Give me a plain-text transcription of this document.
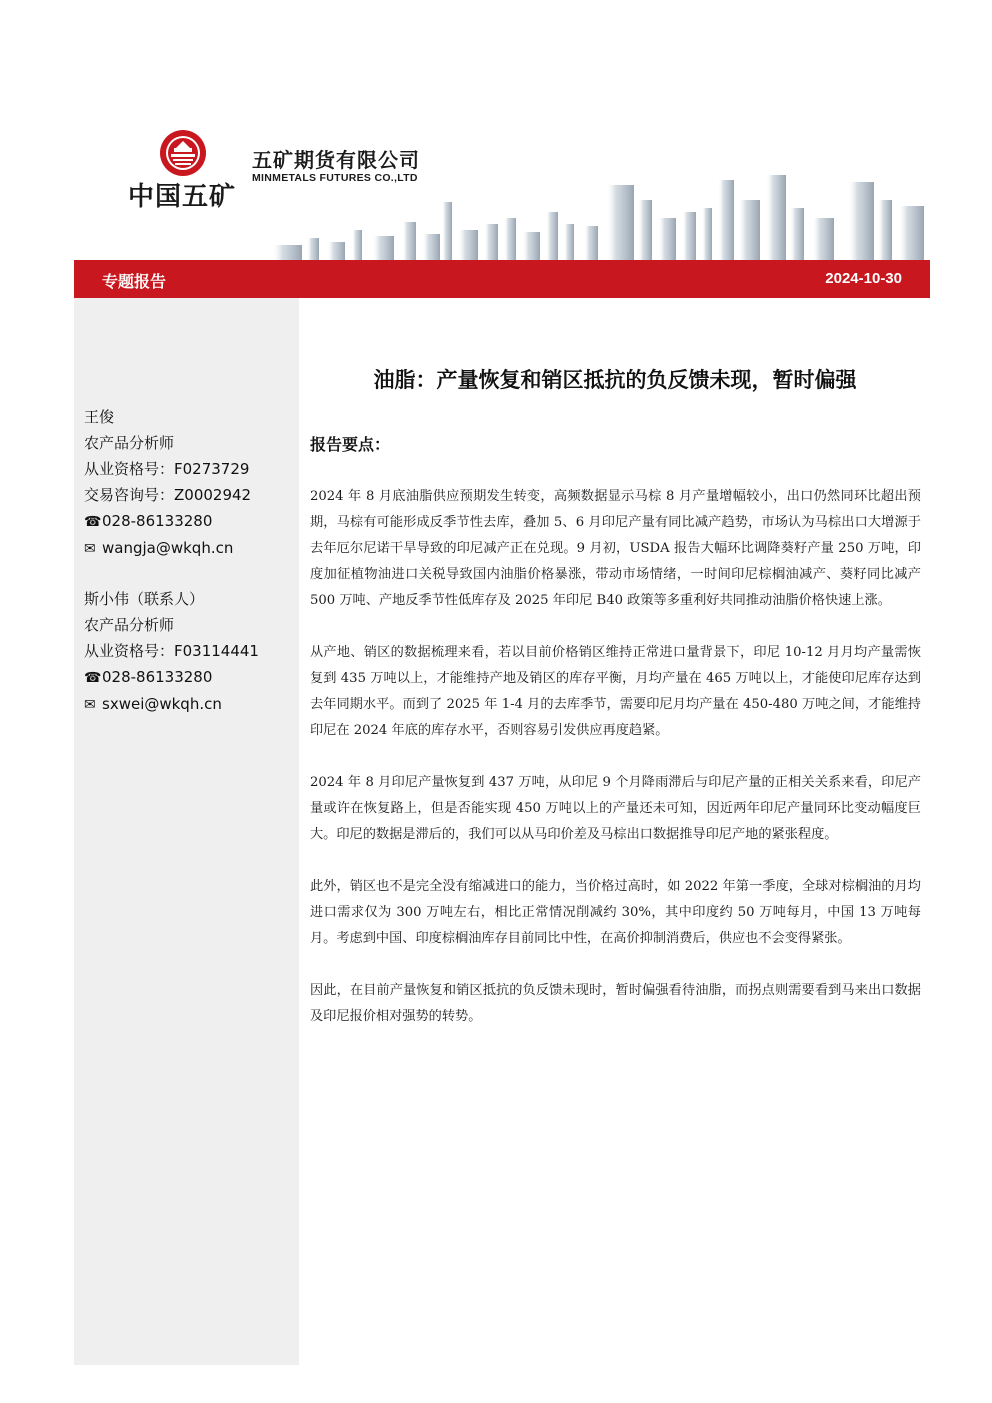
中国五矿
五矿期货有限公司
MINMETALS FUTURES CO.,LTD
专题报告	2024-10-30
王俊
农产品分析师
从业资格号：F0273729
交易咨询号：Z0002942
☎028-86133280
✉ wangja@wkqh.cn
斯小伟（联系人）
农产品分析师
从业资格号：F03114441
☎028-86133280
✉ sxwei@wkqh.cn
油脂：产量恢复和销区抵抗的负反馈未现，暂时偏强
报告要点：

2024 年 8 月底油脂供应预期发生转变，高频数据显示马棕 8 月产量增幅较小，出口仍然同环比超出预期，马棕有可能形成反季节性去库，叠加 5、6 月印尼产量有同比减产趋势，市场认为马棕出口大增源于去年厄尔尼诺干旱导致的印尼减产正在兑现。9 月初，USDA 报告大幅环比调降葵籽产量 250 万吨，印度加征植物油进口关税导致国内油脂价格暴涨，带动市场情绪，一时间印尼棕榈油减产、葵籽同比减产 500 万吨、产地反季节性低库存及 2025 年印尼 B40 政策等多重利好共同推动油脂价格快速上涨。

从产地、销区的数据梳理来看，若以目前价格销区维持正常进口量背景下，印尼 10-12 月月均产量需恢复到 435 万吨以上，才能维持产地及销区的库存平衡，月均产量在 465 万吨以上，才能使印尼库存达到去年同期水平。而到了 2025 年 1-4 月的去库季节，需要印尼月均产量在 450-480 万吨之间，才能维持印尼在 2024 年底的库存水平，否则容易引发供应再度趋紧。

2024 年 8 月印尼产量恢复到 437 万吨，从印尼 9 个月降雨滞后与印尼产量的正相关关系来看，印尼产量或许在恢复路上，但是否能实现 450 万吨以上的产量还未可知，因近两年印尼产量同环比变动幅度巨大。印尼的数据是滞后的，我们可以从马印价差及马棕出口数据推导印尼产地的紧张程度。

此外，销区也不是完全没有缩减进口的能力，当价格过高时，如 2022 年第一季度，全球对棕榈油的月均进口需求仅为 300 万吨左右，相比正常情况削减约 30%，其中印度约 50 万吨每月，中国 13 万吨每月。考虑到中国、印度棕榈油库存目前同比中性，在高价抑制消费后，供应也不会变得紧张。

因此，在目前产量恢复和销区抵抗的负反馈未现时，暂时偏强看待油脂，而拐点则需要看到马来出口数据及印尼报价相对强势的转势。
